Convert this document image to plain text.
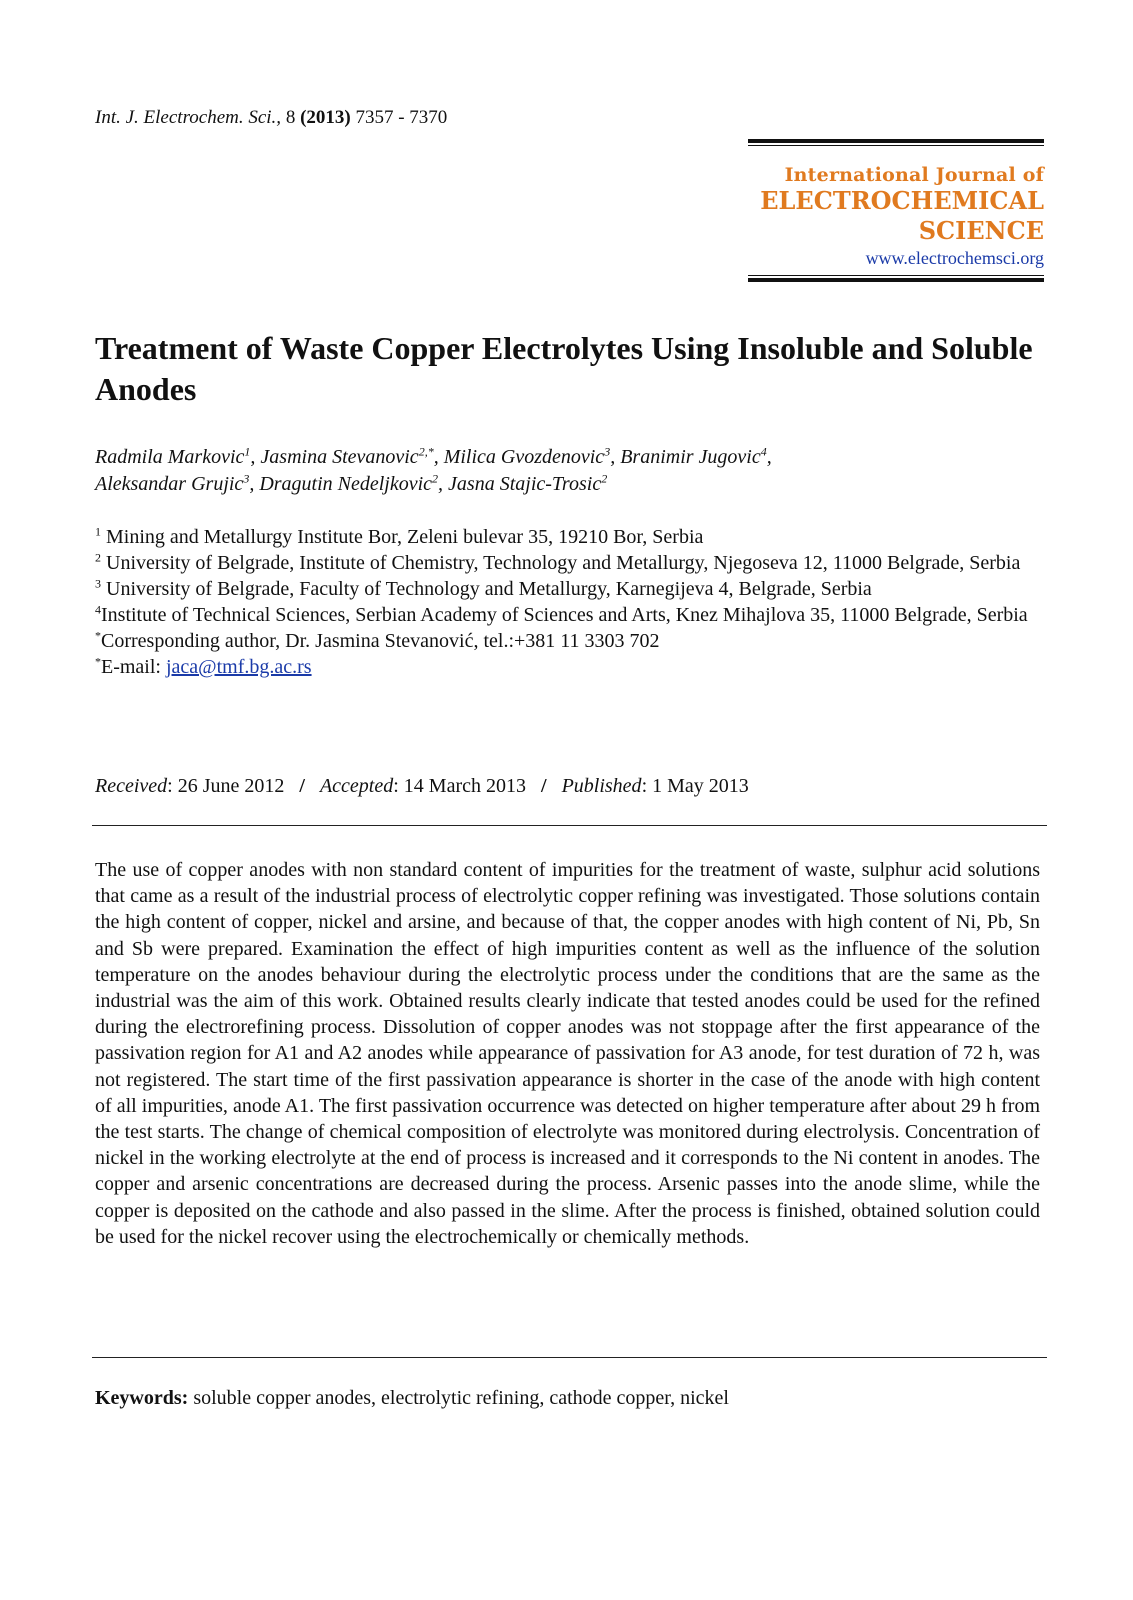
Int. J. Electrochem. Sci., 8 (2013) 7357 - 7370
International Journal of
ELECTROCHEMICAL
SCIENCE
www.electrochemsci.org
Treatment of Waste Copper Electrolytes Using Insoluble and Soluble Anodes
Radmila Markovic$^1$, Jasmina Stevanovic$^{2,*}$, Milica Gvozdenovic$^3$, Branimir Jugovic$^4$,
Aleksandar Grujic$^3$, Dragutin Nedeljkovic$^2$, Jasna Stajic-Trosic$^2$
$^1$ Mining and Metallurgy Institute Bor, Zeleni bulevar 35, 19210 Bor, Serbia
$^2$ University of Belgrade, Institute of Chemistry, Technology and Metallurgy, Njegoseva 12, 11000 Belgrade, Serbia
$^3$ University of Belgrade, Faculty of Technology and Metallurgy, Karnegijeva 4, Belgrade, Serbia
$^4$Institute of Technical Sciences, Serbian Academy of Sciences and Arts, Knez Mihajlova 35, 11000 Belgrade, Serbia
*Corresponding author, Dr. Jasmina Stevanović, tel.:+381 11 3303 702
*E-mail: jaca@tmf.bg.ac.rs
Received: 26 June 2012 / Accepted: 14 March 2013 / Published: 1 May 2013

The use of copper anodes with non standard content of impurities for the treatment of waste, sulphur acid solutions that came as a result of the industrial process of electrolytic copper refining was investigated. Those solutions contain the high content of copper, nickel and arsine, and because of that, the copper anodes with high content of Ni, Pb, Sn and Sb were prepared. Examination the effect of high impurities content as well as the influence of the solution temperature on the anodes behaviour during the electrolytic process under the conditions that are the same as the industrial was the aim of this work. Obtained results clearly indicate that tested anodes could be used for the refined during the electrorefining process. Dissolution of copper anodes was not stoppage after the first appearance of the passivation region for A1 and A2 anodes while appearance of passivation for A3 anode, for test duration of 72 h, was not registered. The start time of the first passivation appearance is shorter in the case of the anode with high content of all impurities, anode A1. The first passivation occurrence was detected on higher temperature after about 29 h from the test starts. The change of chemical composition of electrolyte was monitored during electrolysis. Concentration of nickel in the working electrolyte at the end of process is increased and it corresponds to the Ni content in anodes. The copper and arsenic concentrations are decreased during the process. Arsenic passes into the anode slime, while the copper is deposited on the cathode and also passed in the slime. After the process is finished, obtained solution could be used for the nickel recover using the electrochemically or chemically methods.

Keywords: soluble copper anodes, electrolytic refining, cathode copper, nickel
